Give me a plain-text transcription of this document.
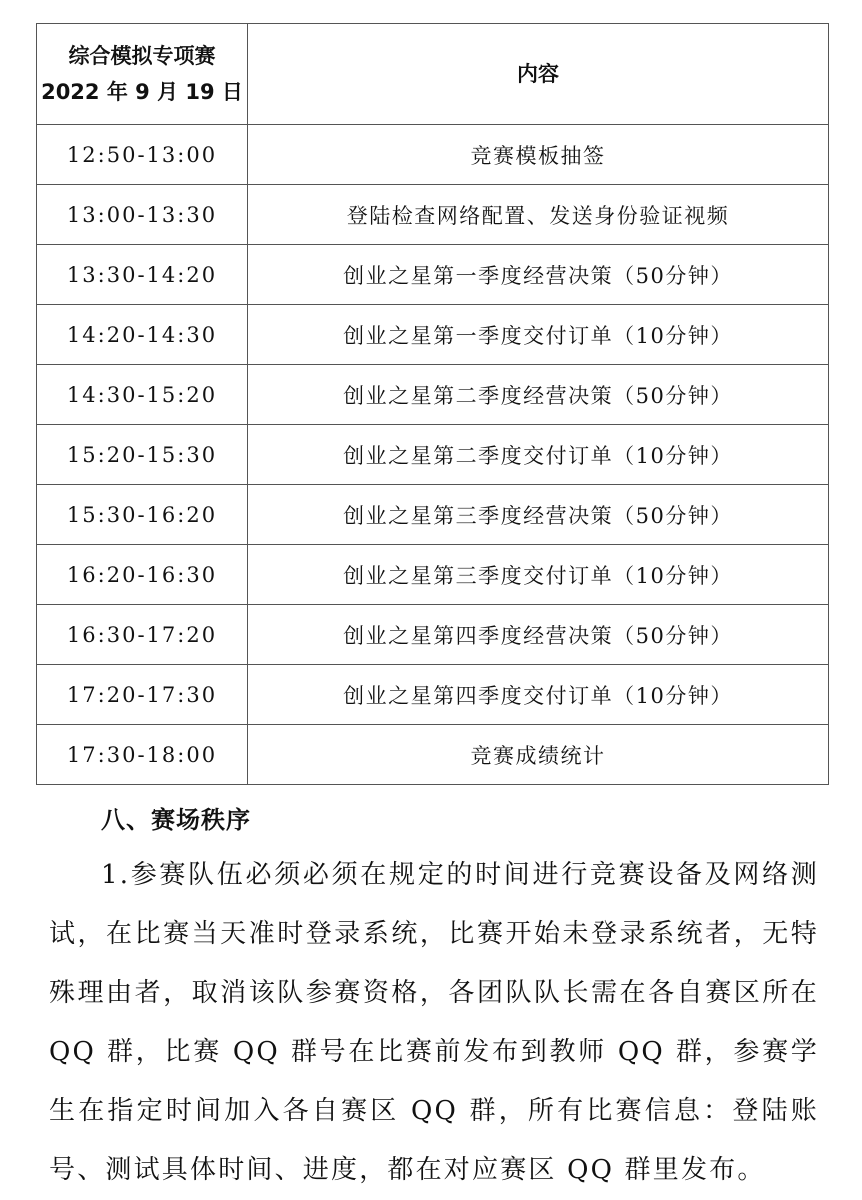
综合模拟专项赛
2022 年 9 月 19 日	内容
12:50-13:00	竞赛模板抽签
13:00-13:30	登陆检查网络配置、发送身份验证视频
13:30-14:20	创业之星第一季度经营决策（50分钟）
14:20-14:30	创业之星第一季度交付订单（10分钟）
14:30-15:20	创业之星第二季度经营决策（50分钟）
15:20-15:30	创业之星第二季度交付订单（10分钟）
15:30-16:20	创业之星第三季度经营决策（50分钟）
16:20-16:30	创业之星第三季度交付订单（10分钟）
16:30-17:20	创业之星第四季度经营决策（50分钟）
17:20-17:30	创业之星第四季度交付订单（10分钟）
17:30-18:00	竞赛成绩统计
八、赛场秩序

1.参赛队伍必须必须在规定的时间进行竞赛设备及网络测试，在比赛当天准时登录系统，比赛开始未登录系统者，无特殊理由者，取消该队参赛资格，各团队队长需在各自赛区所在 QQ 群，比赛 QQ 群号在比赛前发布到教师 QQ 群，参赛学生在指定时间加入各自赛区 QQ 群，所有比赛信息：登陆账号、测试具体时间、进度，都在对应赛区 QQ 群里发布。
